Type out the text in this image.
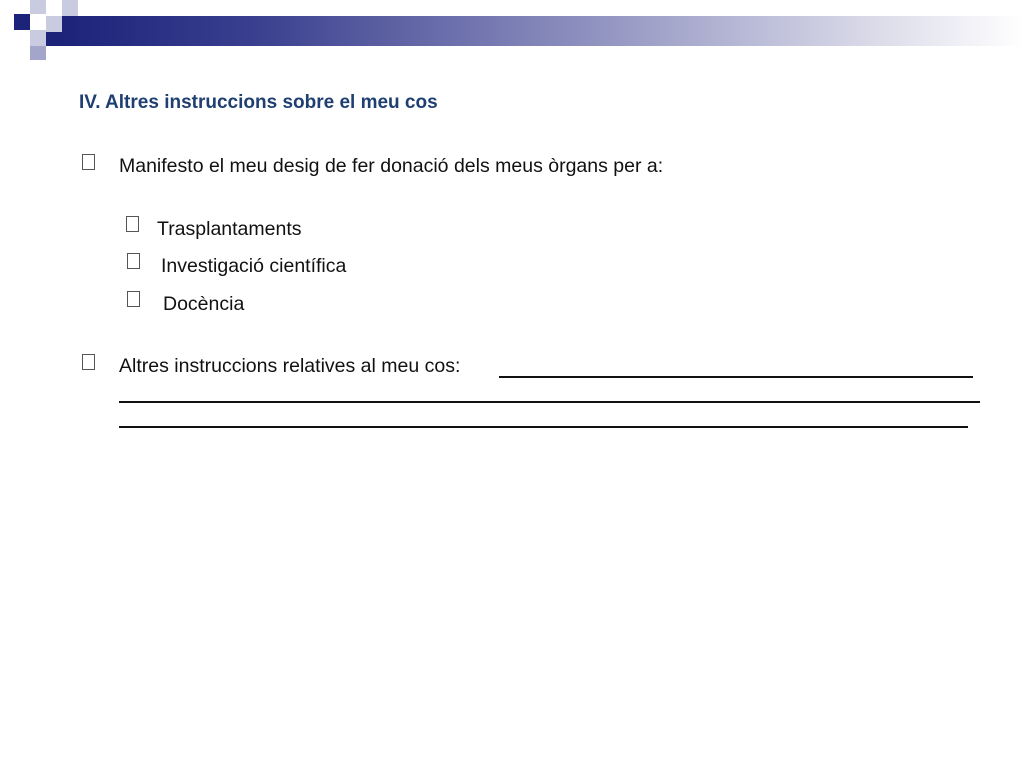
IV. Altres instruccions sobre el meu cos
Manifesto el meu desig de fer donació dels meus òrgans per a:
Trasplantaments
Investigació científica
Docència
Altres instruccions relatives al meu cos:
